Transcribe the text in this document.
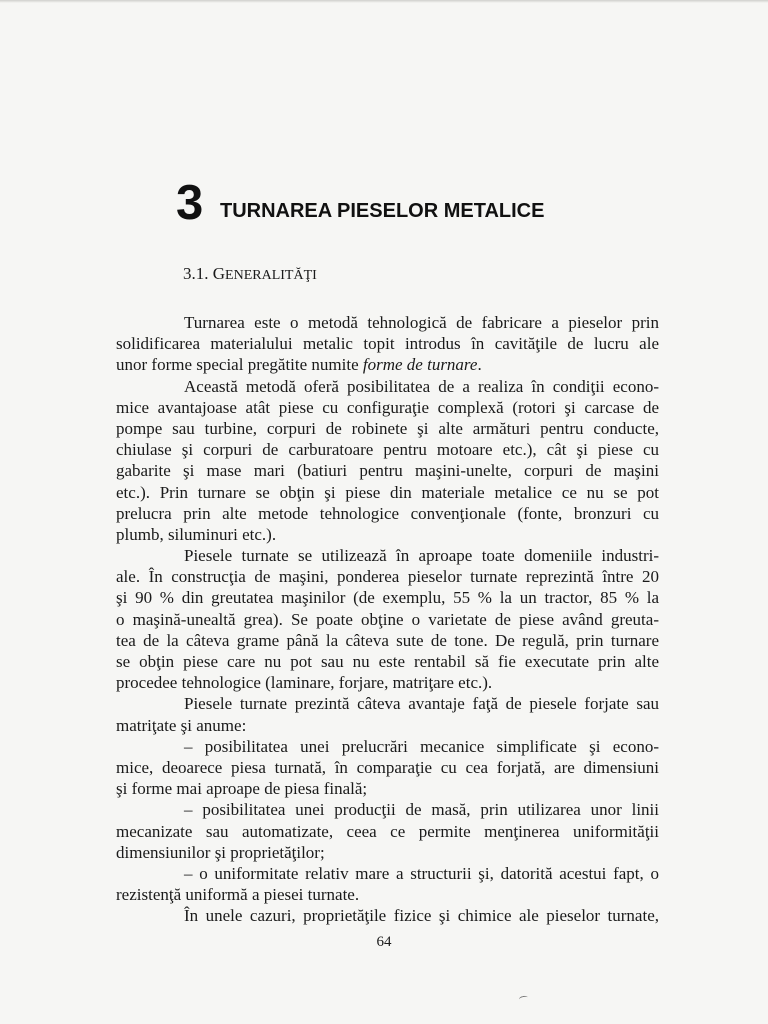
3 TURNAREA PIESELOR METALICE
3.1. GENERALITĂŢI
Turnarea este o metodă tehnologică de fabricare a pieselor prin
solidificarea materialului metalic topit introdus în cavităţile de lucru ale
unor forme special pregătite numite forme de turnare.
Această metodă oferă posibilitatea de a realiza în condiţii econo-
mice avantajoase atât piese cu configuraţie complexă (rotori şi carcase de
pompe sau turbine, corpuri de robinete şi alte armături pentru conducte,
chiulase şi corpuri de carburatoare pentru motoare etc.), cât şi piese cu
gabarite şi mase mari (batiuri pentru maşini-unelte, corpuri de maşini
etc.). Prin turnare se obţin şi piese din materiale metalice ce nu se pot
prelucra prin alte metode tehnologice convenţionale (fonte, bronzuri cu
plumb, siluminuri etc.).
Piesele turnate se utilizează în aproape toate domeniile industri-
ale. În construcţia de maşini, ponderea pieselor turnate reprezintă între 20
şi 90 % din greutatea maşinilor (de exemplu, 55 % la un tractor, 85 % la
o maşină-unealtă grea). Se poate obţine o varietate de piese având greuta-
tea de la câteva grame până la câteva sute de tone. De regulă, prin turnare
se obţin piese care nu pot sau nu este rentabil să fie executate prin alte
procedee tehnologice (laminare, forjare, matriţare etc.).
Piesele turnate prezintă câteva avantaje faţă de piesele forjate sau
matriţate şi anume:
– posibilitatea unei prelucrări mecanice simplificate şi econo-
mice, deoarece piesa turnată, în comparaţie cu cea forjată, are dimensiuni
şi forme mai aproape de piesa finală;
– posibilitatea unei producţii de masă, prin utilizarea unor linii
mecanizate sau automatizate, ceea ce permite menţinerea uniformităţii
dimensiunilor şi proprietăţilor;
– o uniformitate relativ mare a structurii şi, datorită acestui fapt, o
rezistenţă uniformă a piesei turnate.
În unele cazuri, proprietăţile fizice şi chimice ale pieselor turnate,
64
